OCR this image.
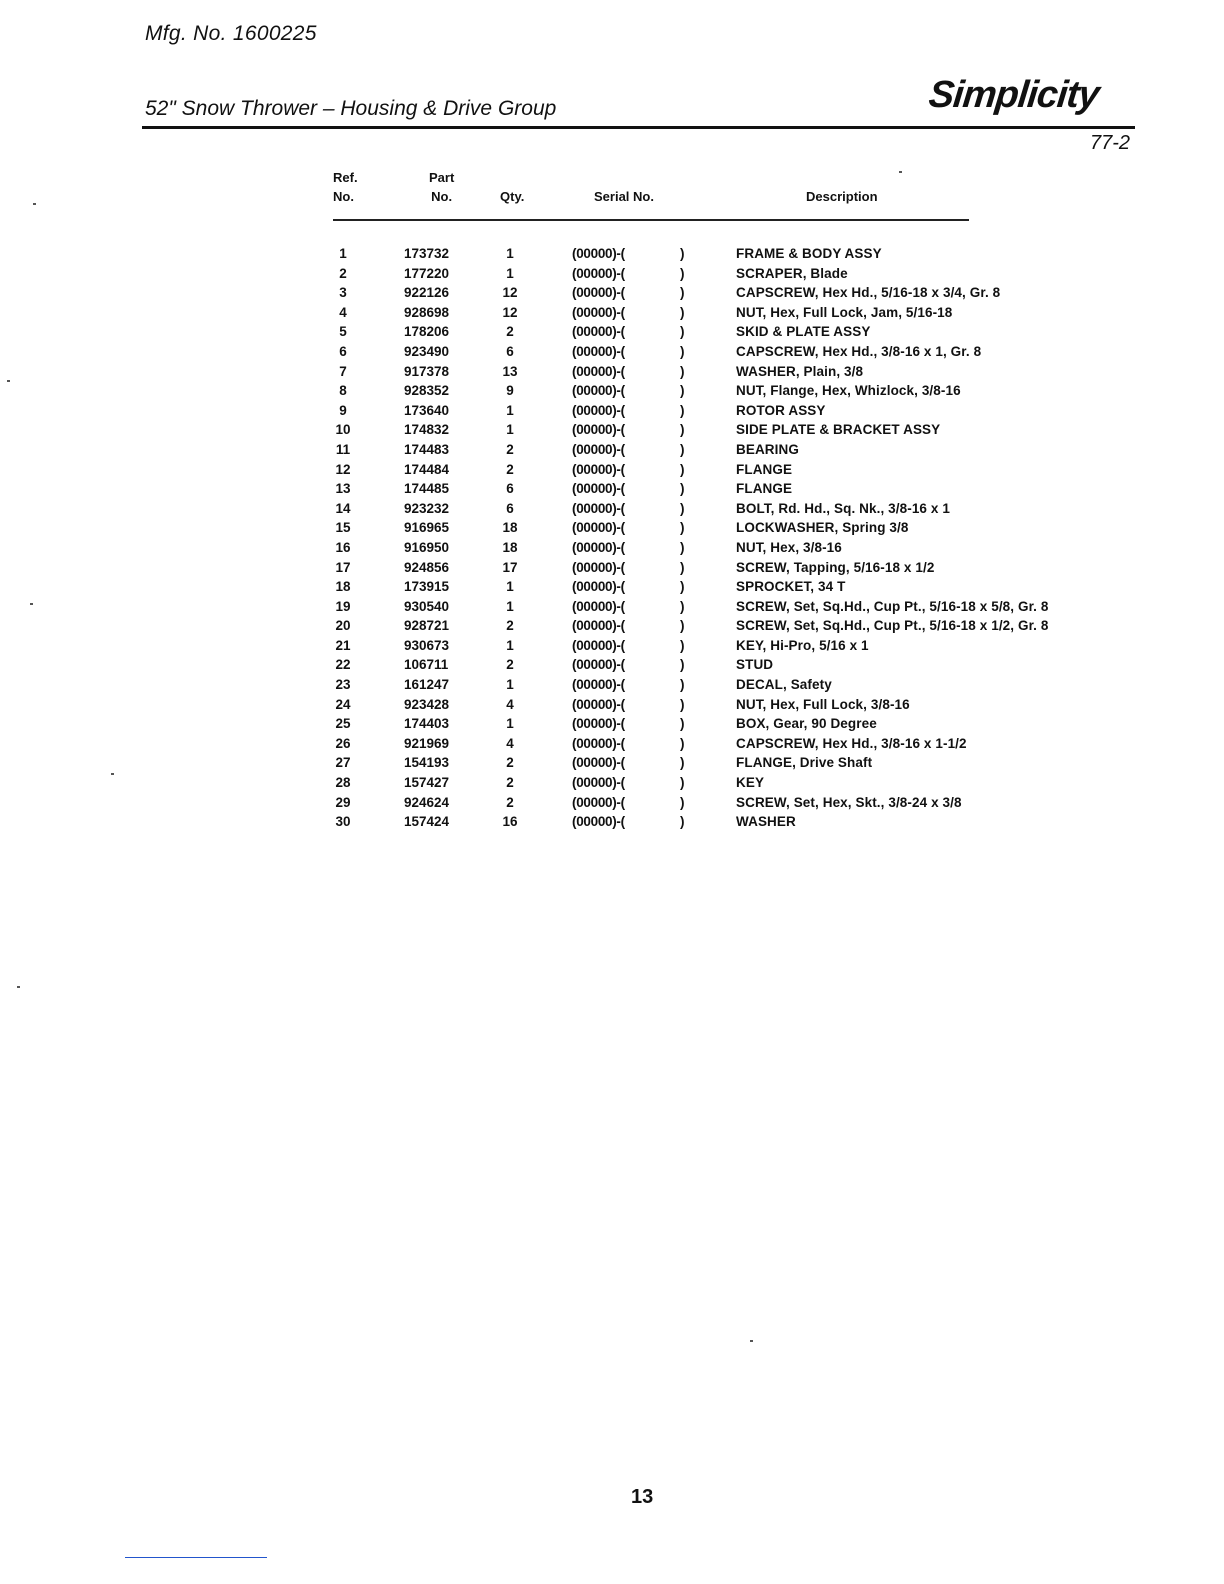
Mfg. No. 1600225
52" Snow Thrower – Housing & Drive Group	Simplicity
77-2
Ref.
No.
Part
No.	Qty.	Serial No.	Description
1	173732	1	(00000)-(	)	FRAME & BODY ASSY
2	177220	1	(00000)-(	)	SCRAPER, Blade
3	922126	12	(00000)-(	)	CAPSCREW, Hex Hd., 5/16-18 x 3/4, Gr. 8
4	928698	12	(00000)-(	)	NUT, Hex, Full Lock, Jam, 5/16-18
5	178206	2	(00000)-(	)	SKID & PLATE ASSY
6	923490	6	(00000)-(	)	CAPSCREW, Hex Hd., 3/8-16 x 1, Gr. 8
7	917378	13	(00000)-(	)	WASHER, Plain, 3/8
8	928352	9	(00000)-(	)	NUT, Flange, Hex, Whizlock, 3/8-16
9	173640	1	(00000)-(	)	ROTOR ASSY
10	174832	1	(00000)-(	)	SIDE PLATE & BRACKET ASSY
11	174483	2	(00000)-(	)	BEARING
12	174484	2	(00000)-(	)	FLANGE
13	174485	6	(00000)-(	)	FLANGE
14	923232	6	(00000)-(	)	BOLT, Rd. Hd., Sq. Nk., 3/8-16 x 1
15	916965	18	(00000)-(	)	LOCKWASHER, Spring 3/8
16	916950	18	(00000)-(	)	NUT, Hex, 3/8-16
17	924856	17	(00000)-(	)	SCREW, Tapping, 5/16-18 x 1/2
18	173915	1	(00000)-(	)	SPROCKET, 34 T
19	930540	1	(00000)-(	)	SCREW, Set, Sq.Hd., Cup Pt., 5/16-18 x 5/8, Gr. 8
20	928721	2	(00000)-(	)	SCREW, Set, Sq.Hd., Cup Pt., 5/16-18 x 1/2, Gr. 8
21	930673	1	(00000)-(	)	KEY, Hi-Pro, 5/16 x 1
22	106711	2	(00000)-(	)	STUD
23	161247	1	(00000)-(	)	DECAL, Safety
24	923428	4	(00000)-(	)	NUT, Hex, Full Lock, 3/8-16
25	174403	1	(00000)-(	)	BOX, Gear, 90 Degree
26	921969	4	(00000)-(	)	CAPSCREW, Hex Hd., 3/8-16 x 1-1/2
27	154193	2	(00000)-(	)	FLANGE, Drive Shaft
28	157427	2	(00000)-(	)	KEY
29	924624	2	(00000)-(	)	SCREW, Set, Hex, Skt., 3/8-24 x 3/8
30	157424	16	(00000)-(	)	WASHER
13
